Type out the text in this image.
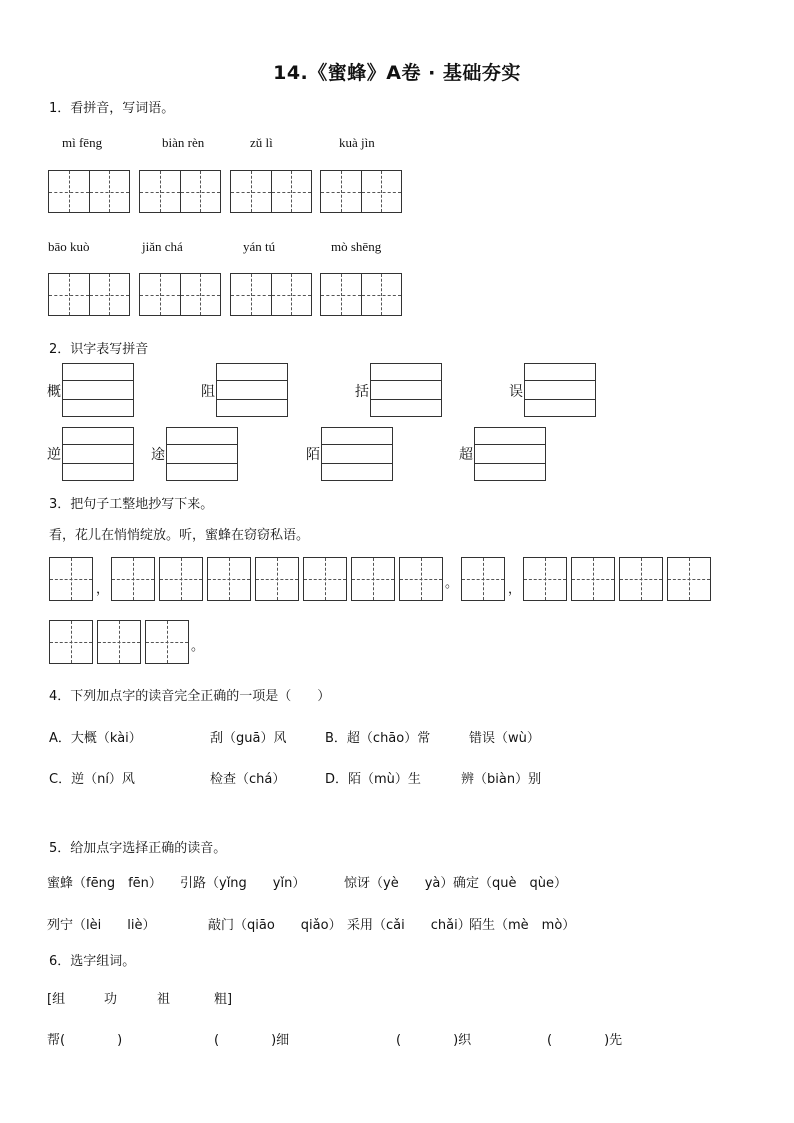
14.《蜜蜂》A卷 · 基础夯实
1．看拼音，写词语。
mì fēng	biàn rèn	zǔ lì	kuà jìn
bāo kuò	jiǎn chá	yán tú	mò shēng
2．识字表写拼音
概	阻	括	误
逆	途	陌	超
3．把句子工整地抄写下来。
看，花儿在悄悄绽放。听，蜜蜂在窃窃私语。
，	。	，
。
4．下列加点字的读音完全正确的一项是（　　）
A．大概（kài）	刮（guā）风	B．超（chāo）常	错误（wù）
C．逆（ní）风	检查（chá）	D．陌（mù）生	辨（biàn）别
5．给加点字选择正确的读音。
蜜蜂（fēng　fēn） 引路（yǐng　　yǐn）	惊讶（yè　　yà） 确定（què　qùe）
列宁（lèi　　liè）	敲门（qiāo　　qiǎo） 采用（cǎi　　chǎi）
陌生（mè　mò）
6．选字组词。
[组	功	祖	粗]
帮(　　　　)	(　　　　)细	(　　　　)织	(　　　　)先
